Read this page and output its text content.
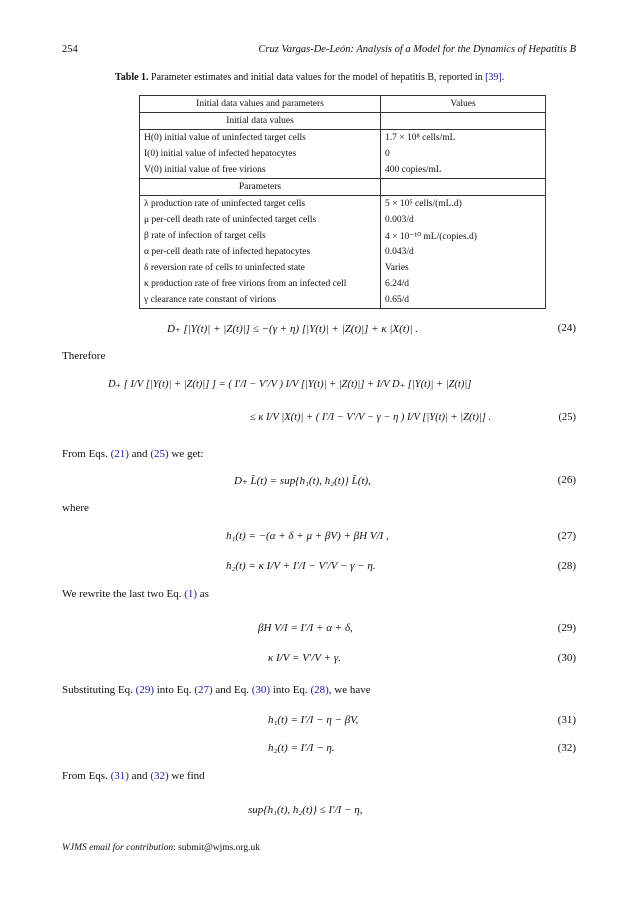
254	Cruz Vargas-De-León: Analysis of a Model for the Dynamics of Hepatitis B
Table 1. Parameter estimates and initial data values for the model of hepatitis B, reported in [39].
Initial data values and parameters	Values
Initial data values	
H(0) initial value of uninfected target cells	1.7 × 10⁸ cells/mL
I(0) initial value of infected hepatocytes	0
V(0) initial value of free virions	400 copies/mL
Parameters	
λ production rate of uninfected target cells	5 × 10⁵ cells/(mL.d)
μ per-cell death rate of uninfected target cells	0.003/d
β rate of infection of target cells	4 × 10⁻¹⁰ mL/(copies.d)
α per-cell death rate of infected hepatocytes	0.043/d
δ reversion rate of cells to uninfected state	Varies
κ production rate of free virions from an infected cell	6.24/d
γ clearance rate constant of virions	0.65/d
D₊ [|Y(t)| + |Z(t)|] ≤ −(γ + η) [|Y(t)| + |Z(t)|] + κ |X(t)| .	(24)
Therefore
D₊ [ I/V [|Y(t)| + |Z(t)|] ] = ( I′/I − V′/V ) I/V [|Y(t)| + |Z(t)|] + I/V D₊ [|Y(t)| + |Z(t)|]
≤ κ I/V |X(t)| + ( I′/I − V′/V − γ − η ) I/V [|Y(t)| + |Z(t)|] .	(25)
From Eqs. (21) and (25) we get:
D₊ L̃(t) = sup{h₁(t), h₂(t)} L̃(t),	(26)
where
h₁(t) = −(α + δ + μ + βV) + βH V/I ,	(27)
h₂(t) = κ I/V + I′/I − V′/V − γ − η.	(28)
We rewrite the last two Eq. (1) as
βH V/I = I′/I + α + δ,	(29)
κ I/V = V′/V + γ.	(30)
Substituting Eq. (29) into Eq. (27) and Eq. (30) into Eq. (28), we have
h₁(t) = I′/I − η − βV,	(31)
h₂(t) = I′/I − η.	(32)
From Eqs. (31) and (32) we find
sup{h₁(t), h₂(t)} ≤ I′/I − η,
WJMS email for contribution: submit@wjms.org.uk
